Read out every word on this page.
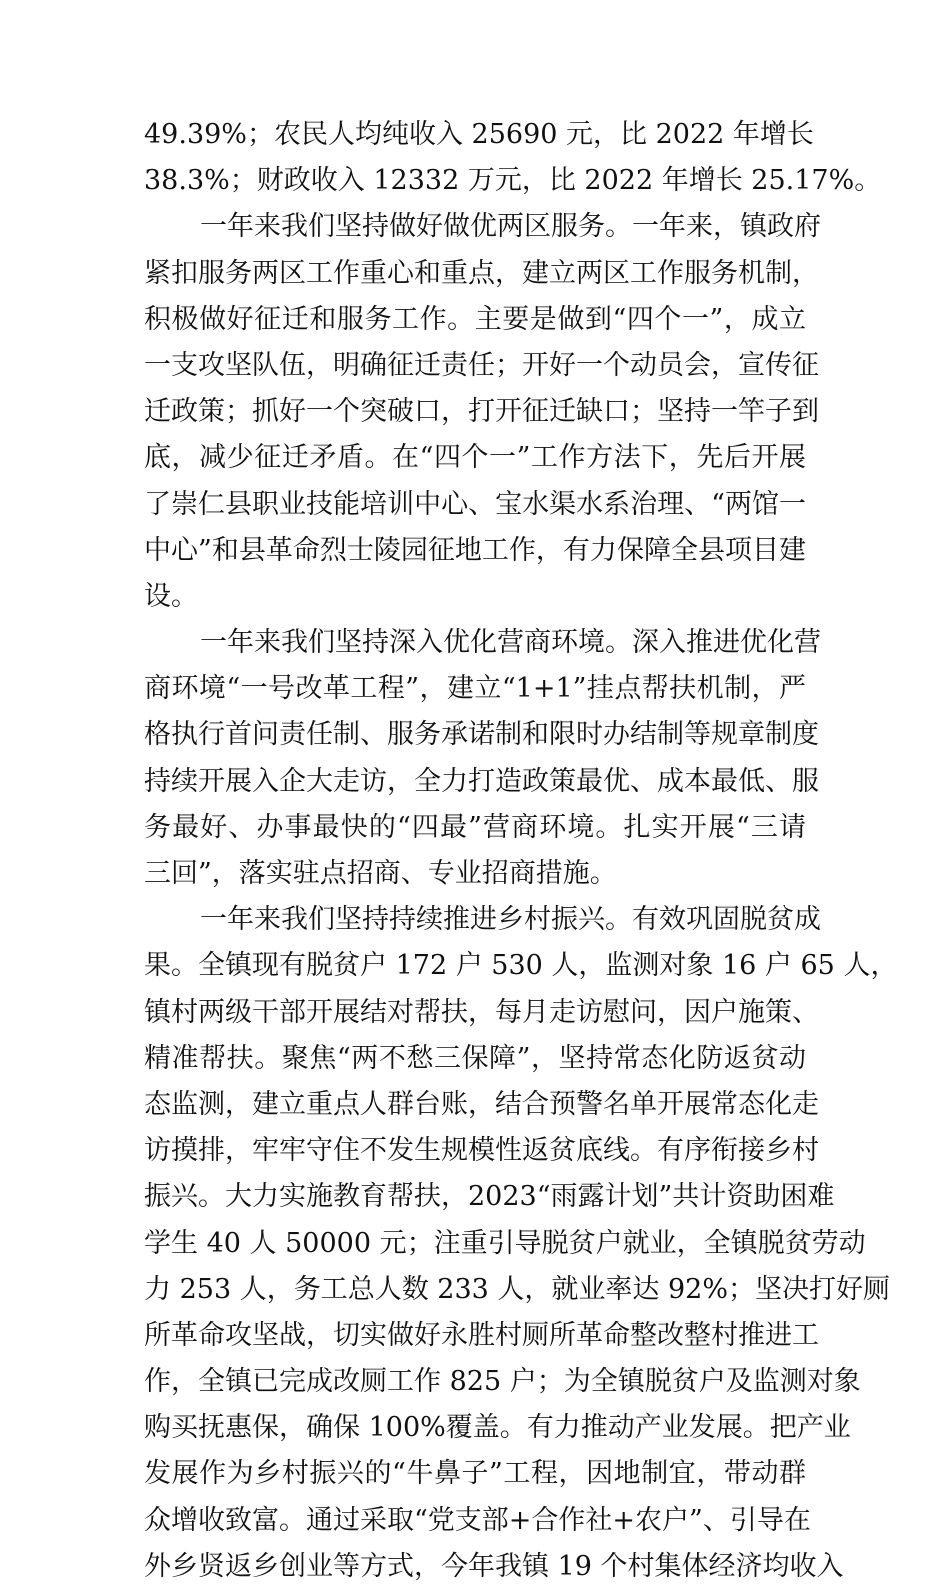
49.39%；农民人均纯收入 25690 元，比 2022 年增长
38.3%；财政收入 12332 万元，比 2022 年增长 25.17%。
一年来我们坚持做好做优两区服务。一年来，镇政府
紧扣服务两区工作重心和重点，建立两区工作服务机制，
积极做好征迁和服务工作。主要是做到“四个一”，成立
一支攻坚队伍，明确征迁责任；开好一个动员会，宣传征
迁政策；抓好一个突破口，打开征迁缺口；坚持一竿子到
底，减少征迁矛盾。在“四个一”工作方法下，先后开展
了崇仁县职业技能培训中心、宝水渠水系治理、“两馆一
中心”和县革命烈士陵园征地工作，有力保障全县项目建
设。
一年来我们坚持深入优化营商环境。深入推进优化营
商环境“一号改革工程”，建立“1+1”挂点帮扶机制，严
格执行首问责任制、服务承诺制和限时办结制等规章制度
持续开展入企大走访，全力打造政策最优、成本最低、服
务最好、办事最快的“四最”营商环境。扎实开展“三请
三回”，落实驻点招商、专业招商措施。
一年来我们坚持持续推进乡村振兴。有效巩固脱贫成
果。全镇现有脱贫户 172 户 530 人，监测对象 16 户 65 人，
镇村两级干部开展结对帮扶，每月走访慰问，因户施策、
精准帮扶。聚焦“两不愁三保障”，坚持常态化防返贫动
态监测，建立重点人群台账，结合预警名单开展常态化走
访摸排，牢牢守住不发生规模性返贫底线。有序衔接乡村
振兴。大力实施教育帮扶，2023“雨露计划”共计资助困难
学生 40 人 50000 元；注重引导脱贫户就业，全镇脱贫劳动
力 253 人，务工总人数 233 人，就业率达 92%；坚决打好厕
所革命攻坚战，切实做好永胜村厕所革命整改整村推进工
作，全镇已完成改厕工作 825 户；为全镇脱贫户及监测对象
购买抚惠保，确保 100%覆盖。有力推动产业发展。把产业
发展作为乡村振兴的“牛鼻子”工程，因地制宜，带动群
众增收致富。通过采取“党支部+合作社+农户”、引导在
外乡贤返乡创业等方式，今年我镇 19 个村集体经济均收入
